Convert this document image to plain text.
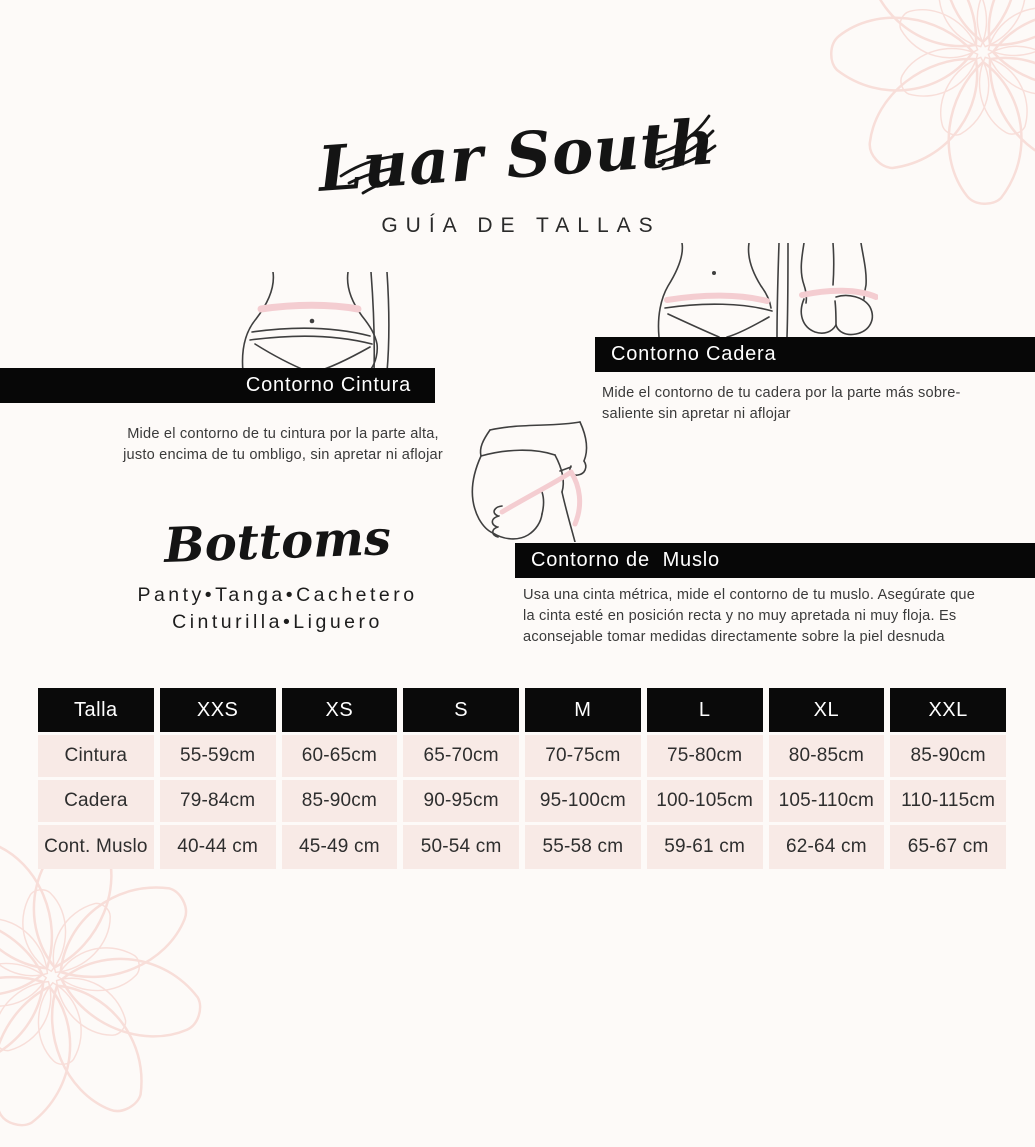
Luar South
GUÍA DE TALLAS
Contorno Cintura
Mide el contorno de tu cintura por la parte alta,
justo encima de tu ombligo, sin apretar ni aflojar
Contorno Cadera
Mide el contorno de tu cadera por la parte más sobre-
saliente sin apretar ni aflojar
Contorno de  Muslo
Usa una cinta métrica, mide el contorno de tu muslo. Asegúrate que
la cinta esté en posición recta y no muy apretada ni muy floja. Es
aconsejable tomar medidas directamente sobre la piel desnuda
Bottoms
Panty•Tanga•Cachetero
Cinturilla•Liguero
Talla	XXS	XS	S	M	L	XL	XXL
Cintura	55-59cm	60-65cm	65-70cm	70-75cm	75-80cm	80-85cm	85-90cm
Cadera	79-84cm	85-90cm	90-95cm	95-100cm	100-105cm	105-110cm	110-115cm
Cont. Muslo	40-44 cm	45-49 cm	50-54 cm	55-58 cm	59-61 cm	62-64 cm	65-67 cm
